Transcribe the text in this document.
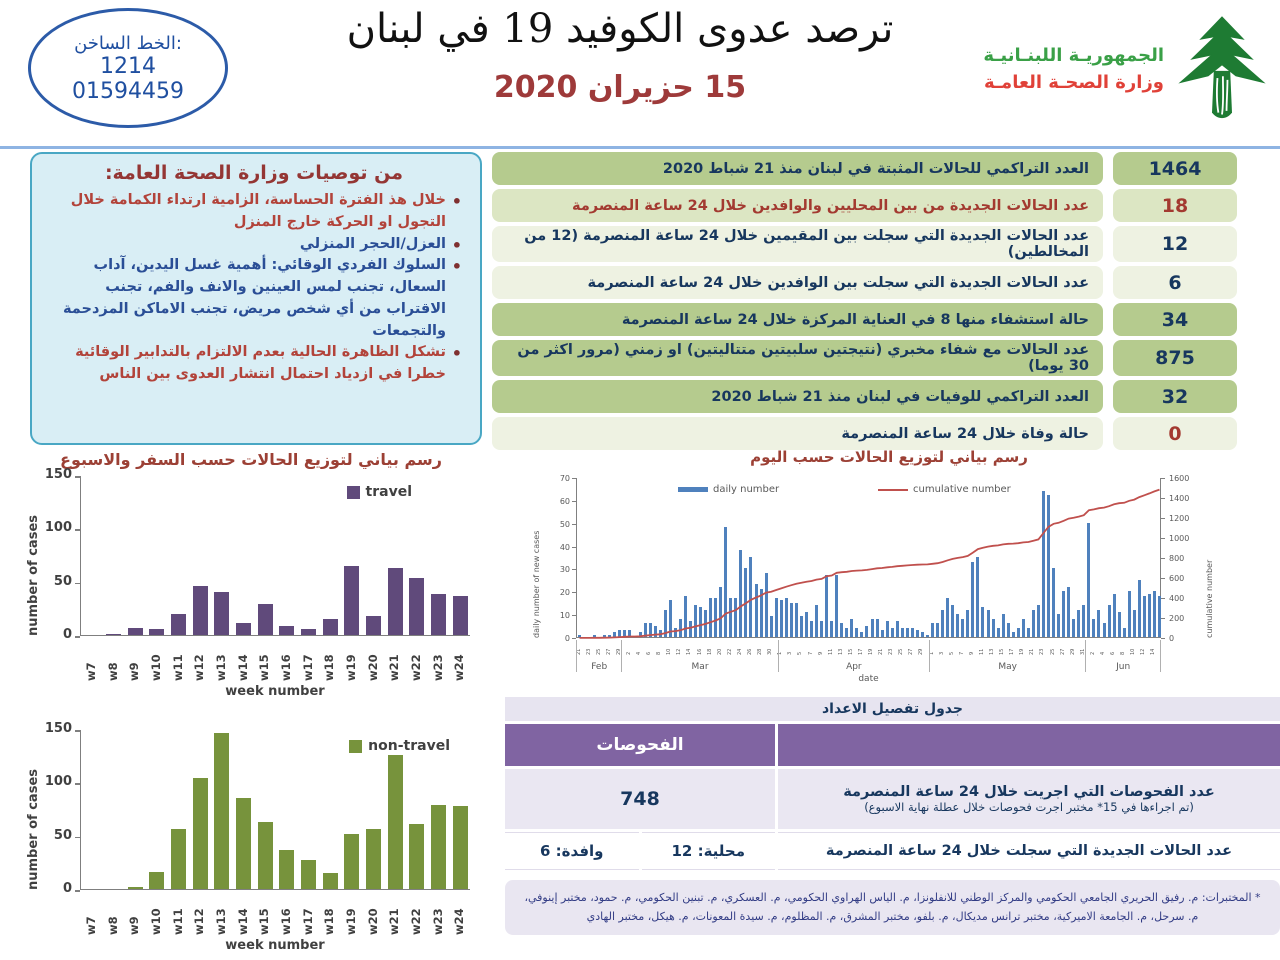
الخط الساخن:
1214
01594459
ترصد عدوى الكوفيد 19 في لبنان
15 حزيران 2020
الجمهوريـة اللبنـانيـة
وزارة الصحـة العامـة
من توصيات وزارة الصحة العامة:
• خلال هذ الفترة الحساسة، الزامية ارتداء الكمامة خلال التجول او الحركة خارج المنزل
• العزل/الحجر المنزلي
• السلوك الفردي الوقائي: أهمية غسل اليدين، آداب السعال، تجنب لمس العينين والانف والفم، تجنب الاقتراب من أي شخص مريض، تجنب الاماكن المزدحمة والتجمعات
• تشكل الظاهرة الحالية بعدم الالتزام بالتدابير الوقائية خطرا في ازدياد احتمال انتشار العدوى بين الناس
1464
العدد التراكمي للحالات المثبتة في لبنان منذ 21 شباط 2020
18
عدد الحالات الجديدة من بين المحليين والوافدين خلال 24 ساعة المنصرمة
12
عدد الحالات الجديدة التي سجلت بين المقيمين خلال 24 ساعة المنصرمة (12 من المخالطين)
6
عدد الحالات الجديدة التي سجلت بين الوافدين خلال 24 ساعة المنصرمة
34
حالة استشفاء منها 8 في العناية المركزة خلال 24 ساعة المنصرمة
875
عدد الحالات مع شفاء مخبري (نتيجتين سلبيتين متتاليتين) او زمني (مرور اكثر من 30 يوما)
32
العدد التراكمي للوفيات في لبنان منذ 21 شباط 2020
0
حالة وفاة خلال 24 ساعة المنصرمة
رسم بياني لتوزيع الحالات حسب السفر والاسبوع
number of cases	0
50
100
150
w7 w8 w9 w10 w11 w12 w13 w14 w15 w16 w17 w18 w19 w20 w21 w22 w23 w24
week number
travel
number of cases	0
50
100
150
w7 w8 w9 w10 w11 w12 w13 w14 w15 w16 w17 w18 w19 w20 w21 w22 w23 w24
week number
non-travel
رسم بياني لتوزيع الحالات حسب اليوم
0
10
20
30
40
50
60
70
0
200
400
600
800
1000
1200
1400
1600
daily number of new cases	cumulative number
21 23 25 27 29 2 4 6 8 10 12 14 16 18 20 22 24 26 28 30 1 3 5 7 9 11 13 15 17 19 21 23 25 27 29 1 3 5 7 9 11 13 15 17 19 21 23 25 27 29 31 2 4 6 8 10 12 14
Feb	Mar	Apr	May	Jun
date
daily number	cumulative number
جدول تفصيل الاعداد
الفحوصات
عدد الفحوصات التي اجريت خلال 24 ساعة المنصرمة
(تم اجراءها في 15* مختبر اجرت فحوصات خلال عطلة نهاية الاسبوع)
748
عدد الحالات الجديدة التي سجلت خلال 24 ساعة المنصرمة
محلية: 12
وافدة: 6
* المختبرات: م. رفيق الحريري الجامعي الحكومي والمركز الوطني للانفلونزا، م. الياس الهراوي الحكومي، م. العسكري، م. تبنين الحكومي، م. حمود، مختبر إينوفي، م. سرحل، م. الجامعة الاميركية، مختبر ترانس مديكال، م. بلفو، مختبر المشرق، م. المظلوم، م. سيدة المعونات، م. هيكل، مختبر الهادي
